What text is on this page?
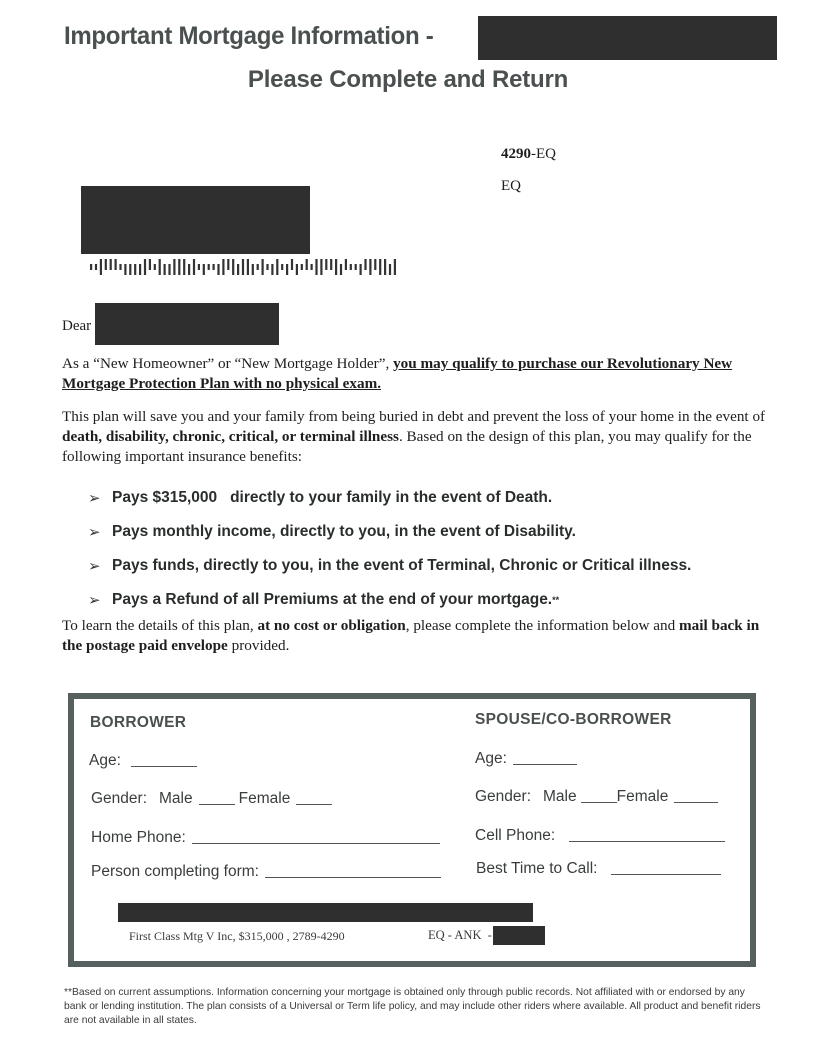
Important Mortgage Information -
Please Complete and Return
4290-EQ
EQ
Dear
As a “New Homeowner” or “New Mortgage Holder”, you may qualify to purchase our Revolutionary New Mortgage Protection Plan with no physical exam.
This plan will save you and your family from being buried in debt and prevent the loss of your home in the event of death, disability, chronic, critical, or terminal illness. Based on the design of this plan, you may qualify for the following important insurance benefits:
➢ Pays $315,000   directly to your family in the event of Death.
➢ Pays monthly income, directly to you, in the event of Disability.
➢ Pays funds, directly to you, in the event of Terminal, Chronic or Critical illness.
➢ Pays a Refund of all Premiums at the end of your mortgage. **
To learn the details of this plan, at no cost or obligation, please complete the information below and mail back in the postage paid envelope provided.
BORROWER
Age:
Gender: Male	Female
Home Phone:
Person completing form:
SPOUSE/CO-BORROWER
Age:
Gender: Male	Female
Cell Phone:
Best Time to Call:
First Class Mtg V Inc, $315,000 , 2789-4290	EQ - ANK  -
**Based on current assumptions. Information concerning your mortgage is obtained only through public records. Not affiliated with or endorsed by any bank or lending institution. The plan consists of a Universal or Term life policy, and may include other riders where available. All product and benefit riders are not available in all states.
